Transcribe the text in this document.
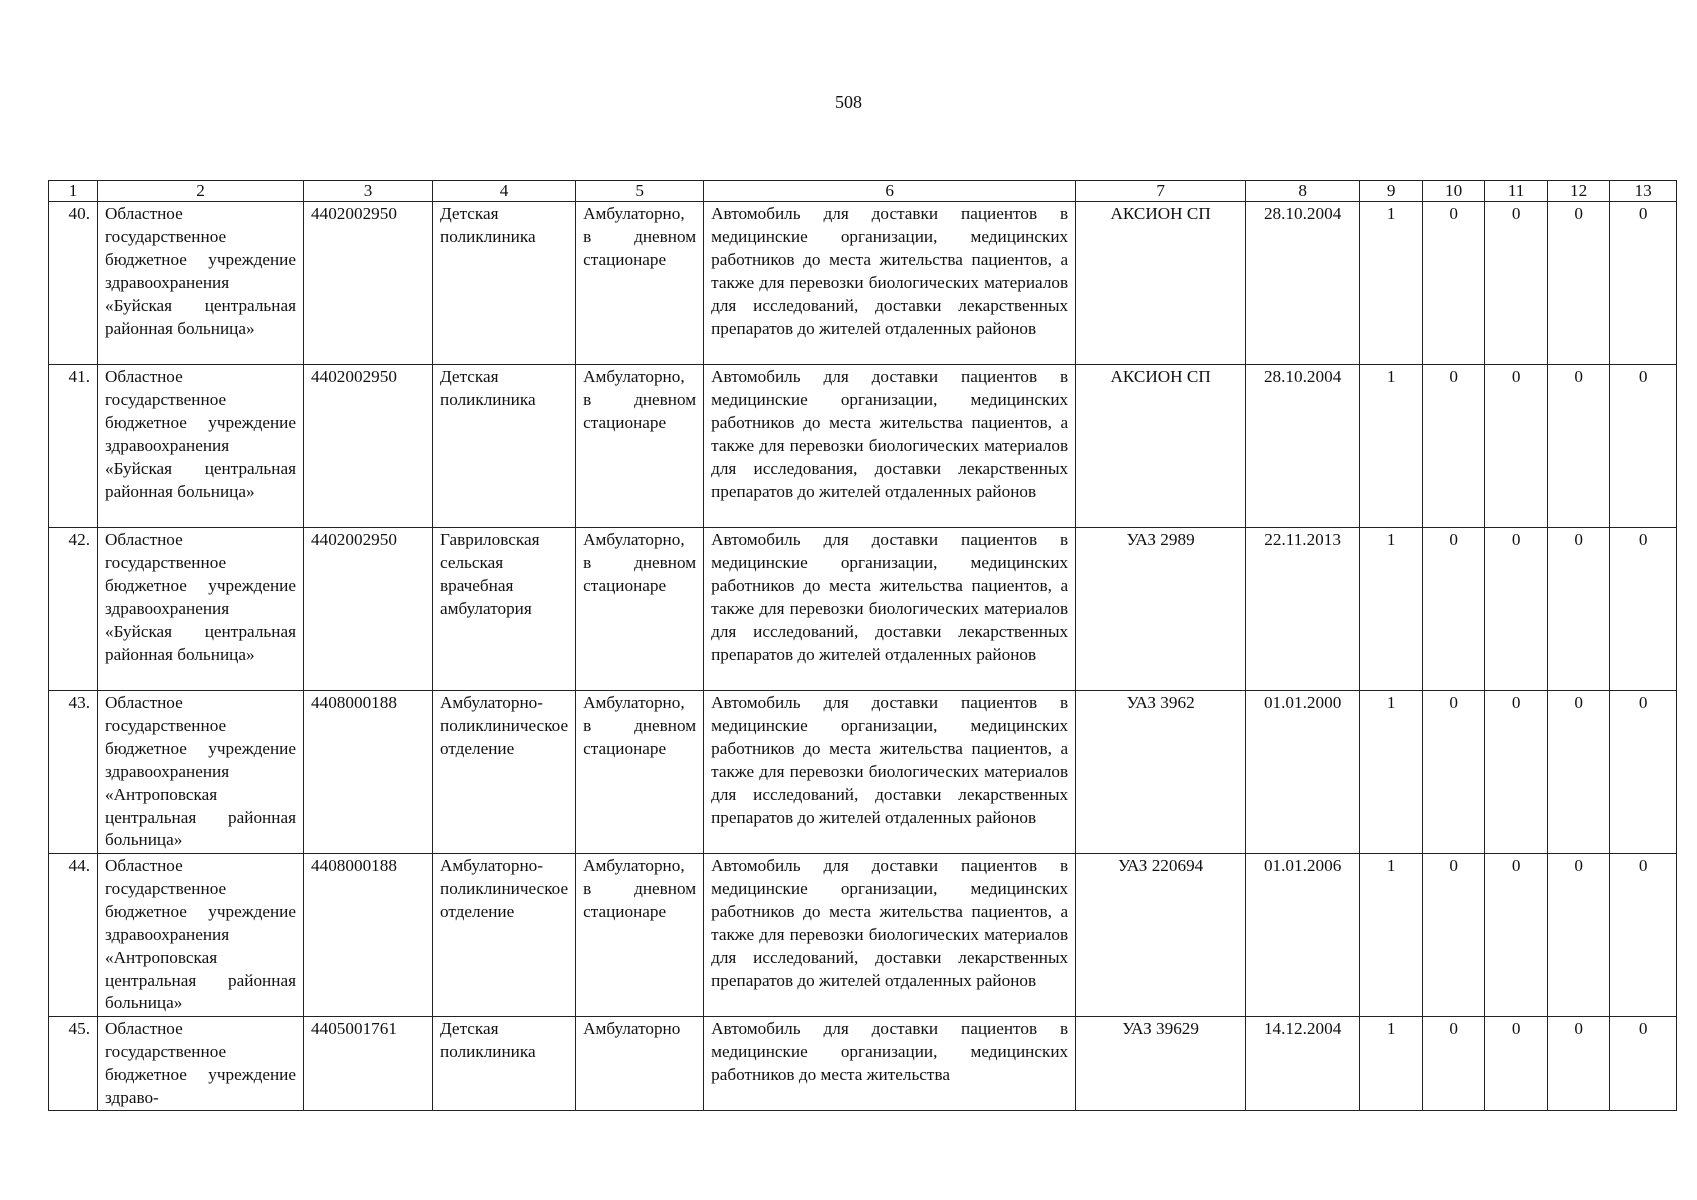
508
1	2	3	4	5	6	7	8	9	10	11	12	13
40.	Областное государственное бюджетное учреждение здравоохранения «Буйская центральная районная больница»	4402002950	Детская поликлиника	Амбулаторно, в дневном стационаре	Автомобиль для доставки пациентов в медицинские организации, медицинских работников до места жительства пациентов, а также для перевозки биологических материалов для исследований, доставки лекарственных препаратов до жителей отдаленных районов	АКСИОН СП	28.10.2004	1	0	0	0	0
41.	Областное государственное бюджетное учреждение здравоохранения «Буйская центральная районная больница»	4402002950	Детская поликлиника	Амбулаторно, в дневном стационаре	Автомобиль для доставки пациентов в медицинские организации, медицинских работников до места жительства пациентов, а также для перевозки биологических материалов для исследования, доставки лекарственных препаратов до жителей отдаленных районов	АКСИОН СП	28.10.2004	1	0	0	0	0
42.	Областное государственное бюджетное учреждение здравоохранения «Буйская центральная районная больница»	4402002950	Гавриловская сельская врачебная амбулатория	Амбулаторно, в дневном стационаре	Автомобиль для доставки пациентов в медицинские организации, медицинских работников до места жительства пациентов, а также для перевозки биологических материалов для исследований, доставки лекарственных препаратов до жителей отдаленных районов	УАЗ 2989	22.11.2013	1	0	0	0	0
43.	Областное государственное бюджетное учреждение здравоохранения «Антроповская центральная районная больница»	4408000188	Амбулаторно-поликлиническое отделение	Амбулаторно, в дневном стационаре	Автомобиль для доставки пациентов в медицинские организации, медицинских работников до места жительства пациентов, а также для перевозки биологических материалов для исследований, доставки лекарственных препаратов до жителей отдаленных районов	УАЗ 3962	01.01.2000	1	0	0	0	0
44.	Областное государственное бюджетное учреждение здравоохранения «Антроповская центральная районная больница»	4408000188	Амбулаторно-поликлиническое отделение	Амбулаторно, в дневном стационаре	Автомобиль для доставки пациентов в медицинские организации, медицинских работников до места жительства пациентов, а также для перевозки биологических материалов для исследований, доставки лекарственных препаратов до жителей отдаленных районов	УАЗ 220694	01.01.2006	1	0	0	0	0
45.	Областное государственное бюджетное учреждение здраво-	4405001761	Детская поликлиника	Амбулаторно	Автомобиль для доставки пациентов в медицинские организации, медицинских работников до места жительства	УАЗ 39629	14.12.2004	1	0	0	0	0
